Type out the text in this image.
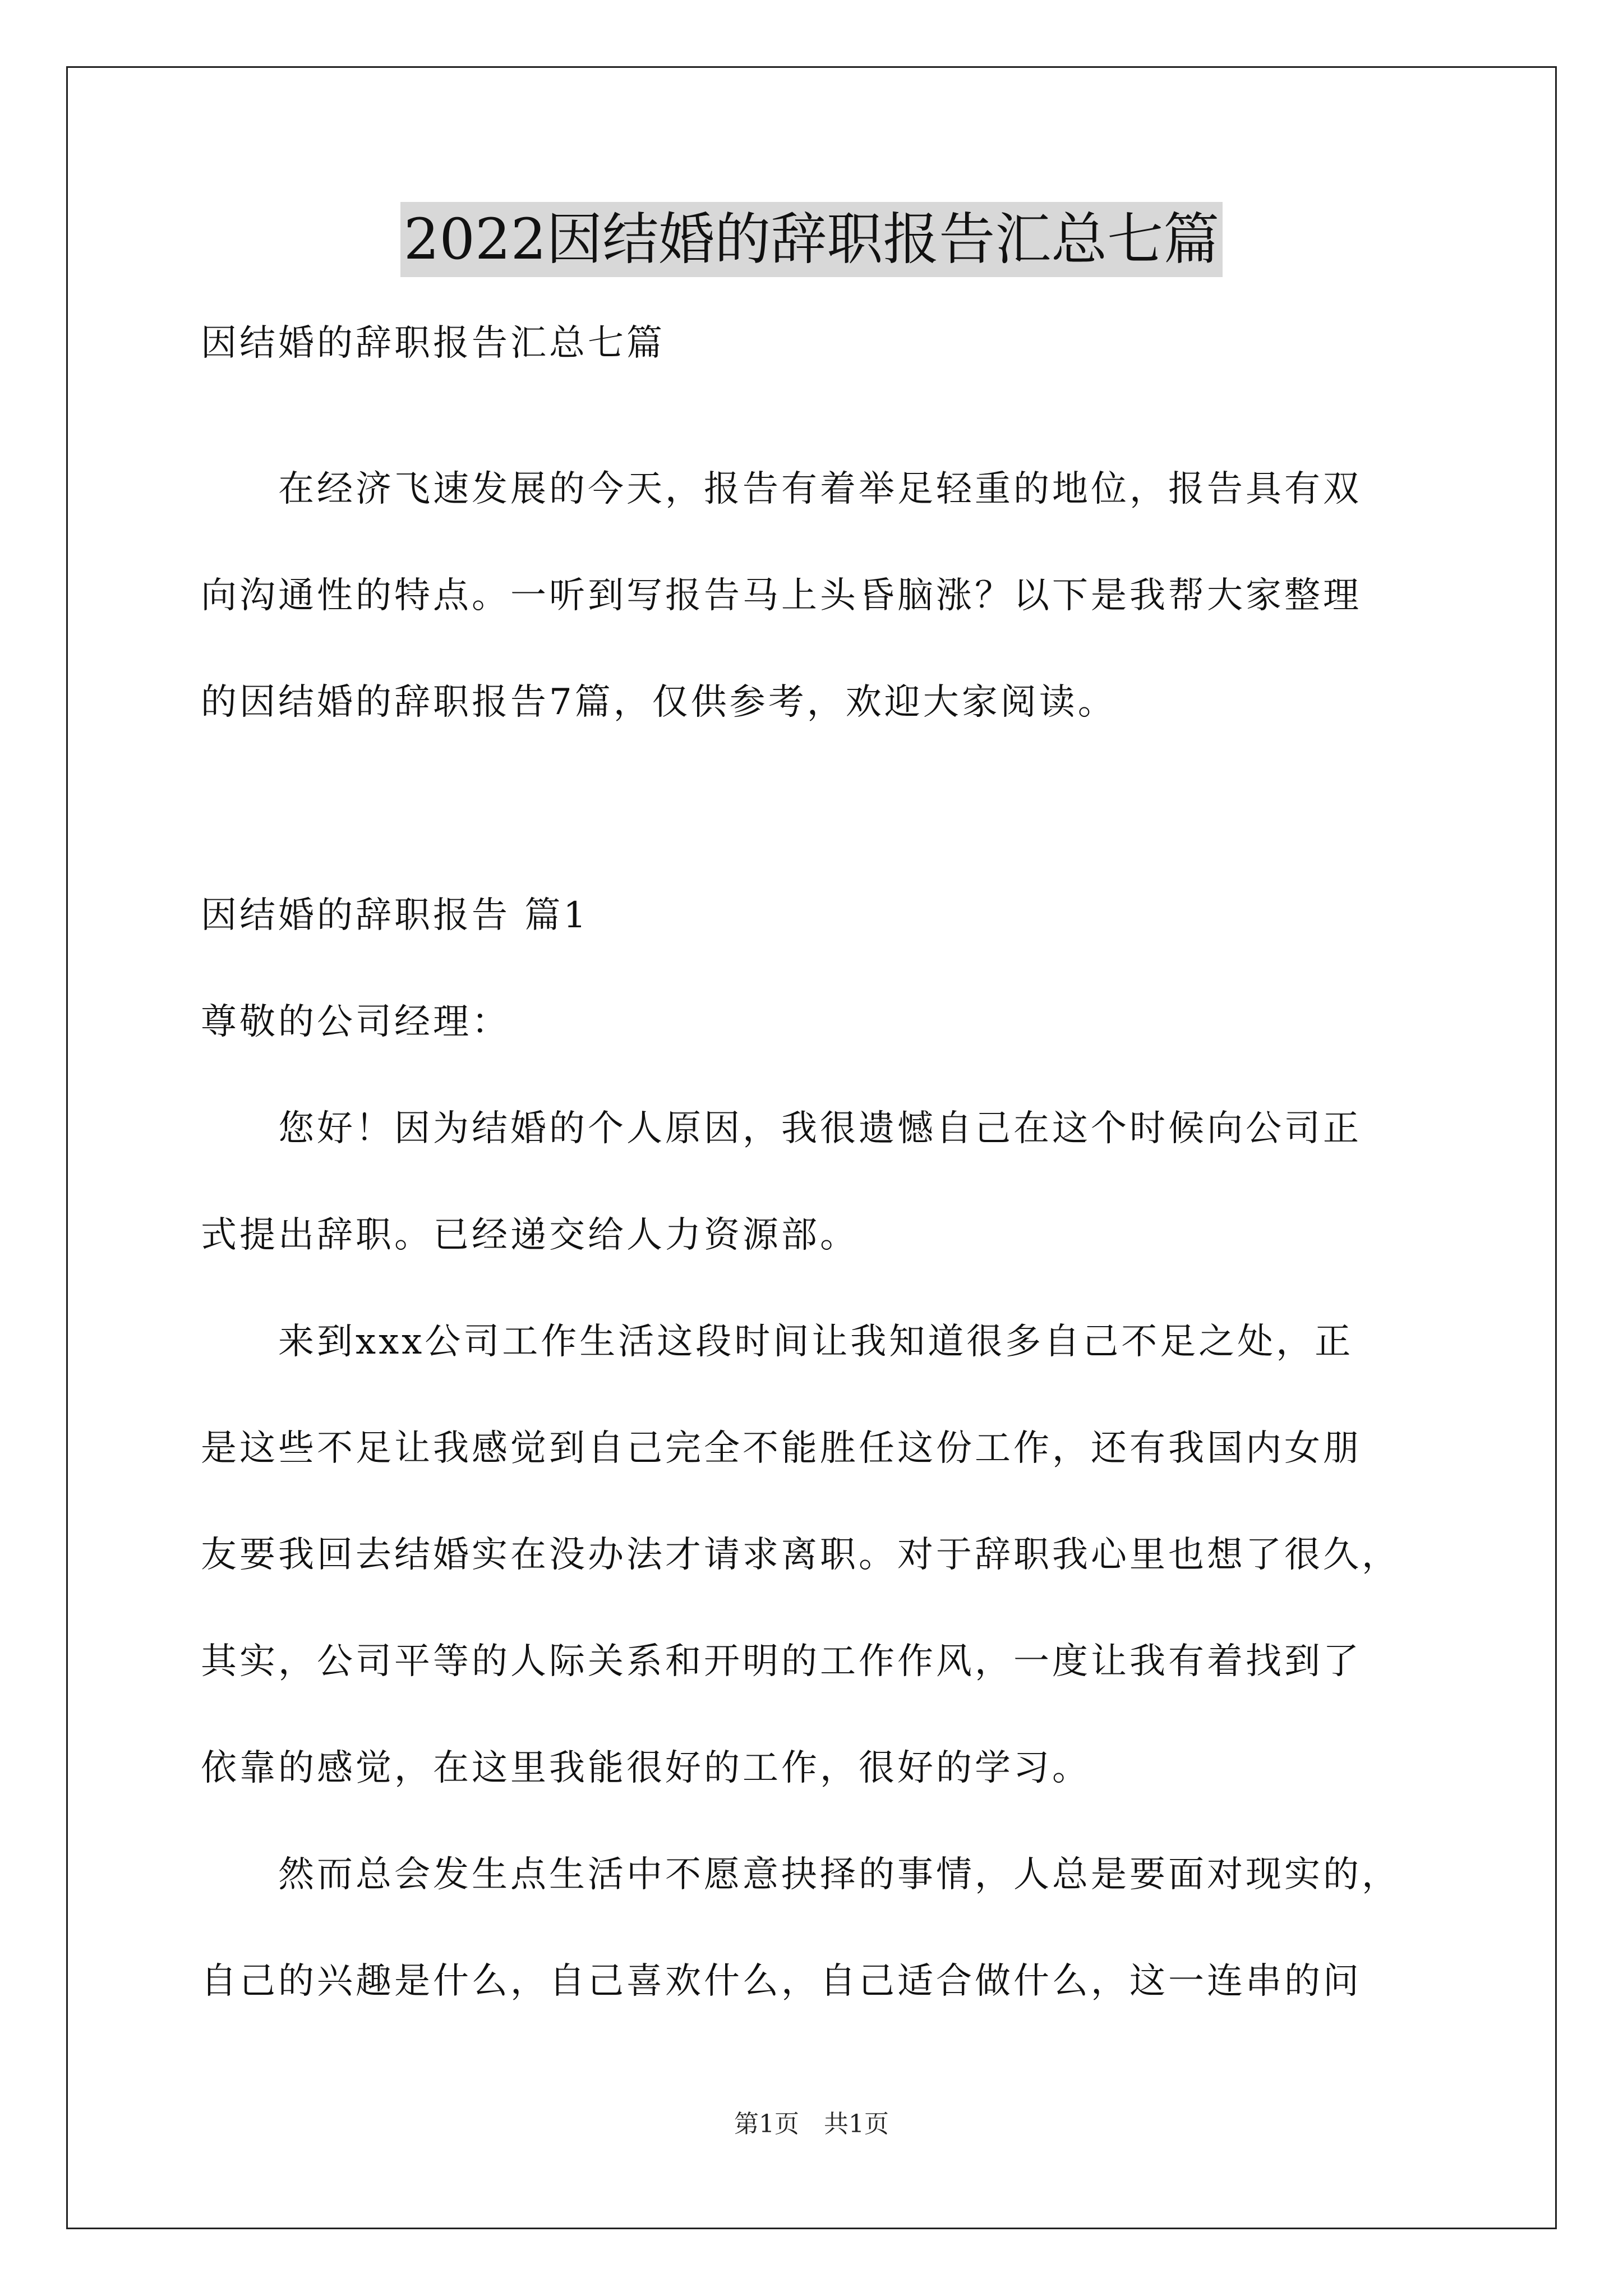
2022因结婚的辞职报告汇总七篇

因结婚的辞职报告汇总七篇

　　在经济飞速发展的今天，报告有着举足轻重的地位，报告具有双

向沟通性的特点。一听到写报告马上头昏脑涨？以下是我帮大家整理

的因结婚的辞职报告7篇，仅供参考，欢迎大家阅读。

因结婚的辞职报告 篇1

尊敬的公司经理：

　　您好！因为结婚的个人原因，我很遗憾自己在这个时候向公司正

式提出辞职。已经递交给人力资源部。

　　来到xxx公司工作生活这段时间让我知道很多自己不足之处，正

是这些不足让我感觉到自己完全不能胜任这份工作，还有我国内女朋

友要我回去结婚实在没办法才请求离职。对于辞职我心里也想了很久，

其实，公司平等的人际关系和开明的工作作风，一度让我有着找到了

依靠的感觉，在这里我能很好的工作，很好的学习。

　　然而总会发生点生活中不愿意抉择的事情，人总是要面对现实的，

自己的兴趣是什么，自己喜欢什么，自己适合做什么，这一连串的问

第1页　共1页
